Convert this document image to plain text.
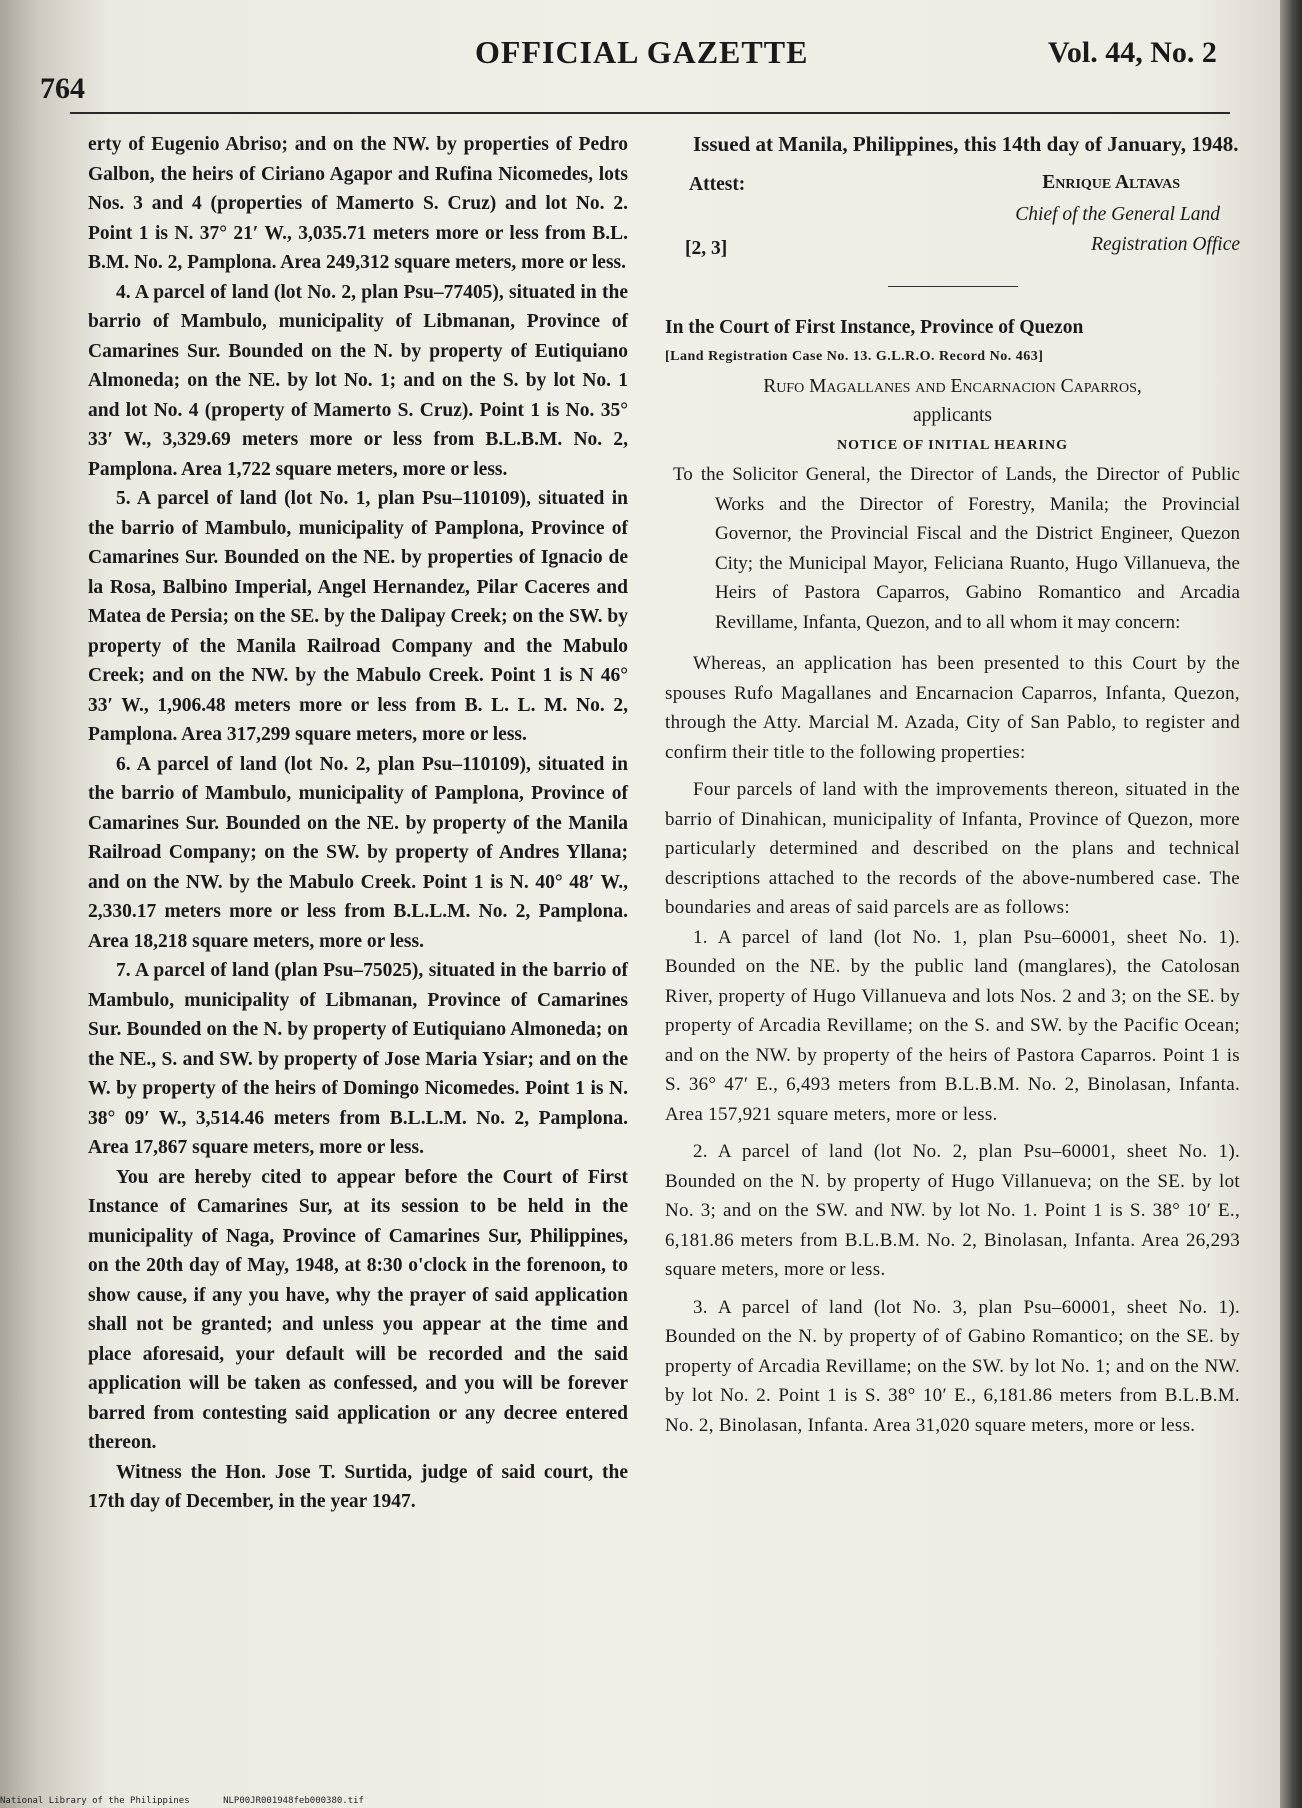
764
OFFICIAL GAZETTE	Vol. 44, No. 2

erty of Eugenio Abriso; and on the NW. by properties of Pedro Galbon, the heirs of Ciriano Agapor and Rufina Nicomedes, lots Nos. 3 and 4 (properties of Mamerto S. Cruz) and lot No. 2. Point 1 is N. 37° 21′ W., 3,035.71 meters more or less from B.L. B.M. No. 2, Pamplona. Area 249,312 square meters, more or less.

4. A parcel of land (lot No. 2, plan Psu–77405), situated in the barrio of Mambulo, municipality of Libmanan, Province of Camarines Sur. Bounded on the N. by property of Eutiquiano Almoneda; on the NE. by lot No. 1; and on the S. by lot No. 1 and lot No. 4 (property of Mamerto S. Cruz). Point 1 is No. 35° 33′ W., 3,329.69 meters more or less from B.L.B.M. No. 2, Pamplona. Area 1,722 square meters, more or less.

5. A parcel of land (lot No. 1, plan Psu–110109), situated in the barrio of Mambulo, municipality of Pamplona, Province of Camarines Sur. Bounded on the NE. by properties of Ignacio de la Rosa, Balbino Imperial, Angel Hernandez, Pilar Caceres and Matea de Persia; on the SE. by the Dalipay Creek; on the SW. by property of the Manila Railroad Company and the Mabulo Creek; and on the NW. by the Mabulo Creek. Point 1 is N 46° 33′ W., 1,906.48 meters more or less from B. L. L. M. No. 2, Pamplona. Area 317,299 square meters, more or less.

6. A parcel of land (lot No. 2, plan Psu–110109), situated in the barrio of Mambulo, municipality of Pamplona, Province of Camarines Sur. Bounded on the NE. by property of the Manila Railroad Company; on the SW. by property of Andres Yllana; and on the NW. by the Mabulo Creek. Point 1 is N. 40° 48′ W., 2,330.17 meters more or less from B.L.L.M. No. 2, Pamplona. Area 18,218 square meters, more or less.

7. A parcel of land (plan Psu–75025), situated in the barrio of Mambulo, municipality of Libmanan, Province of Camarines Sur. Bounded on the N. by property of Eutiquiano Almoneda; on the NE., S. and SW. by property of Jose Maria Ysiar; and on the W. by property of the heirs of Domingo Nicomedes. Point 1 is N. 38° 09′ W., 3,514.46 meters from B.L.L.M. No. 2, Pamplona. Area 17,867 square meters, more or less.

You are hereby cited to appear before the Court of First Instance of Camarines Sur, at its session to be held in the municipality of Naga, Province of Camarines Sur, Philippines, on the 20th day of May, 1948, at 8:30 o'clock in the forenoon, to show cause, if any you have, why the prayer of said application shall not be granted; and unless you appear at the time and place aforesaid, your default will be recorded and the said application will be taken as confessed, and you will be forever barred from contesting said application or any decree entered thereon.

Witness the Hon. Jose T. Surtida, judge of said court, the 17th day of December, in the year 1947.

Issued at Manila, Philippines, this 14th day of January, 1948.

Attest:	Enrique Altavas
Chief of the General Land
Registration Office
[2, 3]

In the Court of First Instance, Province of Quezon

[Land Registration Case No. 13. G.L.R.O. Record No. 463]

Rufo Magallanes and Encarnacion Caparros,

applicants

NOTICE OF INITIAL HEARING

To the Solicitor General, the Director of Lands, the Director of Public Works and the Director of Forestry, Manila; the Provincial Governor, the Provincial Fiscal and the District Engineer, Quezon City; the Municipal Mayor, Feliciana Ruanto, Hugo Villanueva, the Heirs of Pastora Caparros, Gabino Romantico and Arcadia Revillame, Infanta, Quezon, and to all whom it may concern:

Whereas, an application has been presented to this Court by the spouses Rufo Magallanes and Encarnacion Caparros, Infanta, Quezon, through the Atty. Marcial M. Azada, City of San Pablo, to register and confirm their title to the following properties:

Four parcels of land with the improvements thereon, situated in the barrio of Dinahican, municipality of Infanta, Province of Quezon, more particularly determined and described on the plans and technical descriptions attached to the records of the above-numbered case. The boundaries and areas of said parcels are as follows:

1. A parcel of land (lot No. 1, plan Psu–60001, sheet No. 1). Bounded on the NE. by the public land (manglares), the Catolosan River, property of Hugo Villanueva and lots Nos. 2 and 3; on the SE. by property of Arcadia Revillame; on the S. and SW. by the Pacific Ocean; and on the NW. by property of the heirs of Pastora Caparros. Point 1 is S. 36° 47′ E., 6,493 meters from B.L.B.M. No. 2, Binolasan, Infanta. Area 157,921 square meters, more or less.

2. A parcel of land (lot No. 2, plan Psu–60001, sheet No. 1). Bounded on the N. by property of Hugo Villanueva; on the SE. by lot No. 3; and on the SW. and NW. by lot No. 1. Point 1 is S. 38° 10′ E., 6,181.86 meters from B.L.B.M. No. 2, Binolasan, Infanta. Area 26,293 square meters, more or less.

3. A parcel of land (lot No. 3, plan Psu–60001, sheet No. 1). Bounded on the N. by property of of Gabino Romantico; on the SE. by property of Arcadia Revillame; on the SW. by lot No. 1; and on the NW. by lot No. 2. Point 1 is S. 38° 10′ E., 6,181.86 meters from B.L.B.M. No. 2, Binolasan, Infanta. Area 31,020 square meters, more or less.

National Library of the Philippines	NLP00JR001948feb000380.tif
